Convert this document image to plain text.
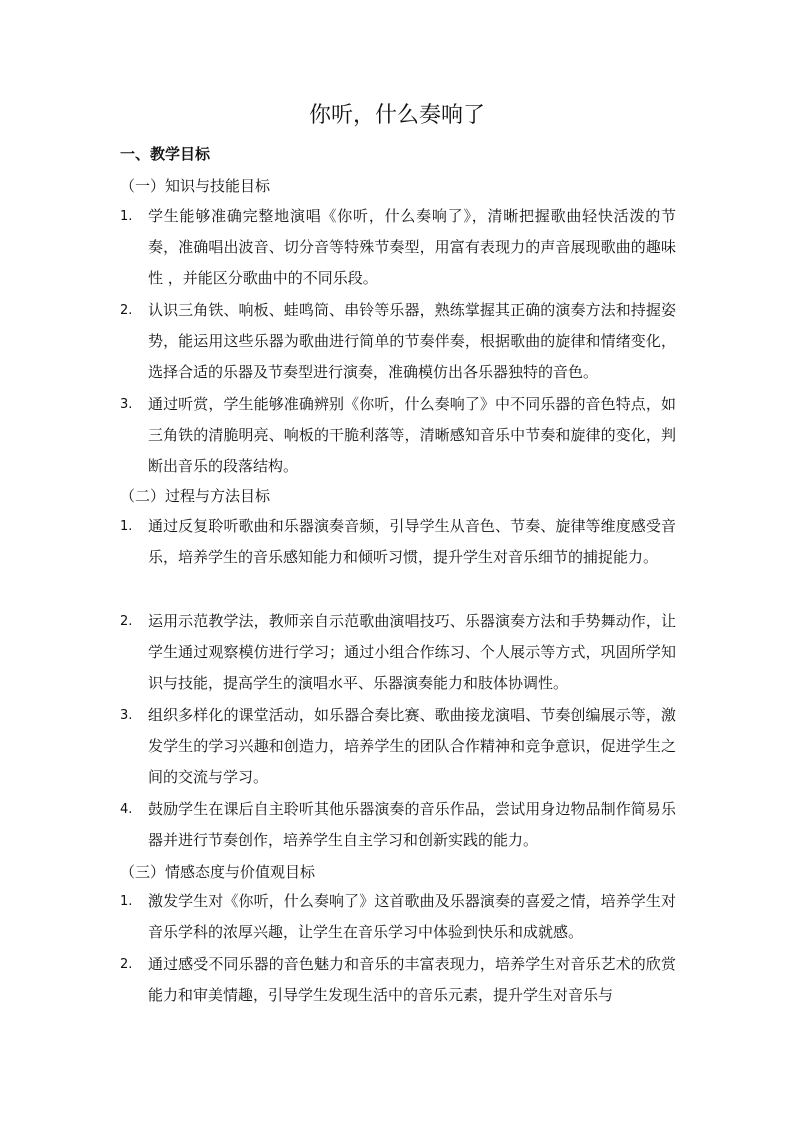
你听，什么奏响了
一、教学目标
（一）知识与技能目标
1.	学生能够准确完整地演唱《你听，什么奏响了》，清晰把握歌曲轻快活泼的节奏，准确唱出波音、切分音等特殊节奏型，用富有表现力的声音展现歌曲的趣味性 ，并能区分歌曲中的不同乐段。
2.	认识三角铁、响板、蛙鸣筒、串铃等乐器，熟练掌握其正确的演奏方法和持握姿势，能运用这些乐器为歌曲进行简单的节奏伴奏，根据歌曲的旋律和情绪变化，选择合适的乐器及节奏型进行演奏，准确模仿出各乐器独特的音色。
3.	通过听赏，学生能够准确辨别《你听，什么奏响了》中不同乐器的音色特点，如三角铁的清脆明亮、响板的干脆利落等，清晰感知音乐中节奏和旋律的变化，判断出音乐的段落结构。
（二）过程与方法目标
1.	通过反复聆听歌曲和乐器演奏音频，引导学生从音色、节奏、旋律等维度感受音乐，培养学生的音乐感知能力和倾听习惯，提升学生对音乐细节的捕捉能力。
2.	运用示范教学法，教师亲自示范歌曲演唱技巧、乐器演奏方法和手势舞动作，让学生通过观察模仿进行学习；通过小组合作练习、个人展示等方式，巩固所学知识与技能，提高学生的演唱水平、乐器演奏能力和肢体协调性。
3.	组织多样化的课堂活动，如乐器合奏比赛、歌曲接龙演唱、节奏创编展示等，激发学生的学习兴趣和创造力，培养学生的团队合作精神和竞争意识，促进学生之间的交流与学习。
4.	鼓励学生在课后自主聆听其他乐器演奏的音乐作品，尝试用身边物品制作简易乐器并进行节奏创作，培养学生自主学习和创新实践的能力。
（三）情感态度与价值观目标
1.	激发学生对《你听，什么奏响了》这首歌曲及乐器演奏的喜爱之情，培养学生对音乐学科的浓厚兴趣，让学生在音乐学习中体验到快乐和成就感。
2.	通过感受不同乐器的音色魅力和音乐的丰富表现力，培养学生对音乐艺术的欣赏能力和审美情趣，引导学生发现生活中的音乐元素，提升学生对音乐与
